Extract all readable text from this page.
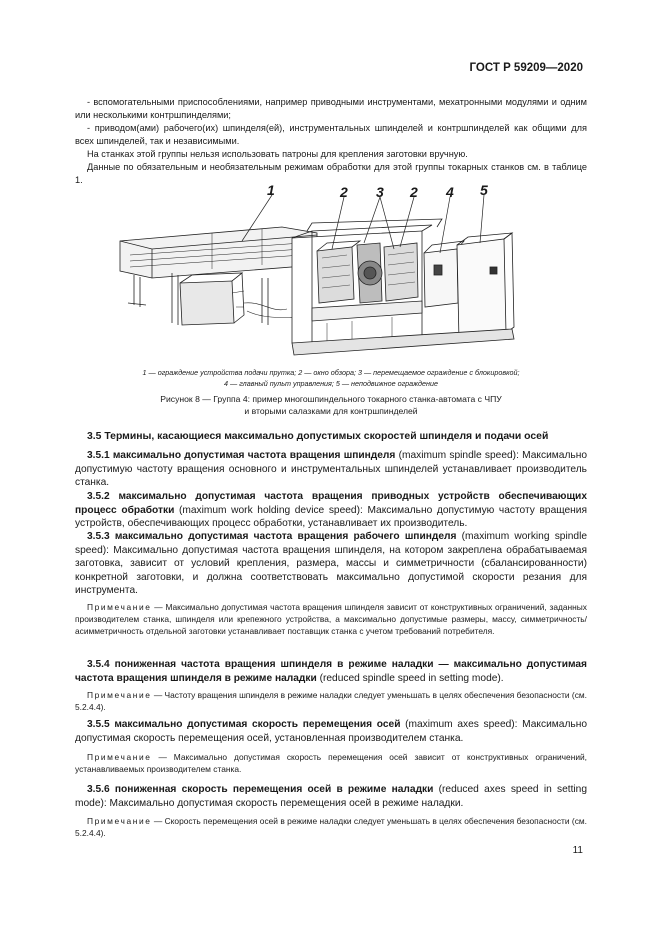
ГОСТ Р 59209—2020

- вспомогательными приспособлениями, например приводными инструментами, мехатронными модулями и одним или несколькими контршпинделями;

- приводом(ами) рабочего(их) шпинделя(ей), инструментальных шпинделей и контршпинделей как общими для всех шпинделей, так и независимыми.

На станках этой группы нельзя использовать патроны для крепления заготовки вручную.

Данные по обязательным и необязательным режимам обработки для этой группы токарных станков см. в таблице 1.

1	2 3 2 4 5
1 — ограждение устройства подачи прутка; 2 — окно обзора; 3 — перемещаемое ограждение с блокировкой;
4 — главный пульт управления; 5 — неподвижное ограждение
Рисунок 8 — Группа 4: пример многошпиндельного токарного станка-автомата с ЧПУ
и вторыми салазками для контршпинделей
3.5 Термины, касающиеся максимально допустимых скоростей шпинделя и подачи осей

3.5.1 максимально допустимая частота вращения шпинделя (maximum spindle speed): Максимально допустимую частоту вращения основного и инструментальных шпинделей устанавливает производитель станка.

3.5.2 максимально допустимая частота вращения приводных устройств обеспечивающих процесс обработки (maximum work holding device speed): Максимально допустимую частоту вращения устройств, обеспечивающих процесс обработки, устанавливает их производитель.

3.5.3 максимально допустимая частота вращения рабочего шпинделя (maximum working spindle speed): Максимально допустимая частота вращения шпинделя, на котором закреплена обрабатываемая заготовка, зависит от условий крепления, размера, массы и симметричности (сбалансированности) конкретной заготовки, и должна соответствовать максимально допустимой скорости резания для инструмента.

Примечание — Максимально допустимая частота вращения шпинделя зависит от конструктивных ограничений, заданных производителем станка, шпинделя или крепежного устройства, а максимально допустимые размеры, массу, симметричность/асимметричность отдельной заготовки устанавливает поставщик станка с учетом требований потребителя.

3.5.4 пониженная частота вращения шпинделя в режиме наладки — максимально допустимая частота вращения шпинделя в режиме наладки (reduced spindle speed in setting mode).

Примечание — Частоту вращения шпинделя в режиме наладки следует уменьшать в целях обеспечения безопасности (см. 5.2.4.4).

3.5.5 максимально допустимая скорость перемещения осей (maximum axes speed): Максимально допустимая скорость перемещения осей, установленная производителем станка.

Примечание — Максимально допустимая скорость перемещения осей зависит от конструктивных ограничений, устанавливаемых производителем станка.

3.5.6 пониженная скорость перемещения осей в режиме наладки (reduced axes speed in setting mode): Максимально допустимая скорость перемещения осей в режиме наладки.

Примечание — Скорость перемещения осей в режиме наладки следует уменьшать в целях обеспечения безопасности (см. 5.2.4.4).

11
